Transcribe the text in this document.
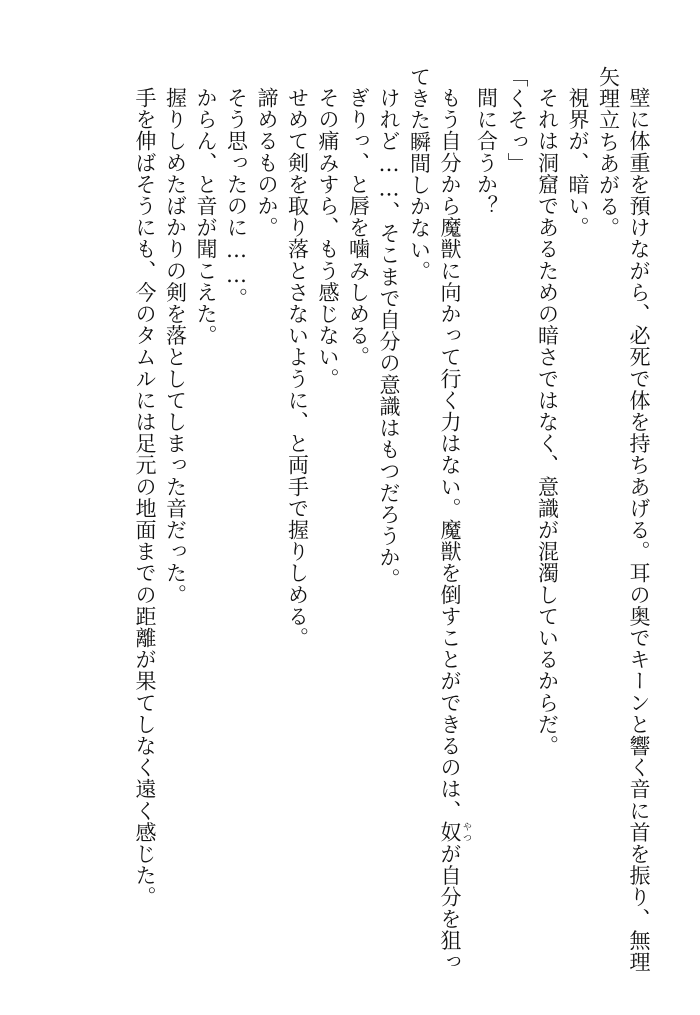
壁に体重を預けながら、必死で体を持ちあげる。耳の奥でキーンと響く音に首を振り、無理
矢理立ちあがる。
視界が、暗い。
それは洞窟であるための暗さではなく、意識が混濁しているからだ。
「くそっ」
間に合うか？
もう自分から魔獣に向かって行く力はない。魔獣を倒すことができるのは、奴 やつが自分を狙っ
てきた瞬間しかない。
けれど……、そこまで自分の意識はもつだろうか。
ぎりっ、と唇を噛みしめる。
その痛みすら、もう感じない。
せめて剣を取り落とさないように、と両手で握りしめる。
諦めるものか。
そう思ったのに……。
からん、と音が聞こえた。
握りしめたばかりの剣を落としてしまった音だった。
手を伸ばそうにも、今のタムルには足元の地面までの距離が果てしなく遠く感じた。
